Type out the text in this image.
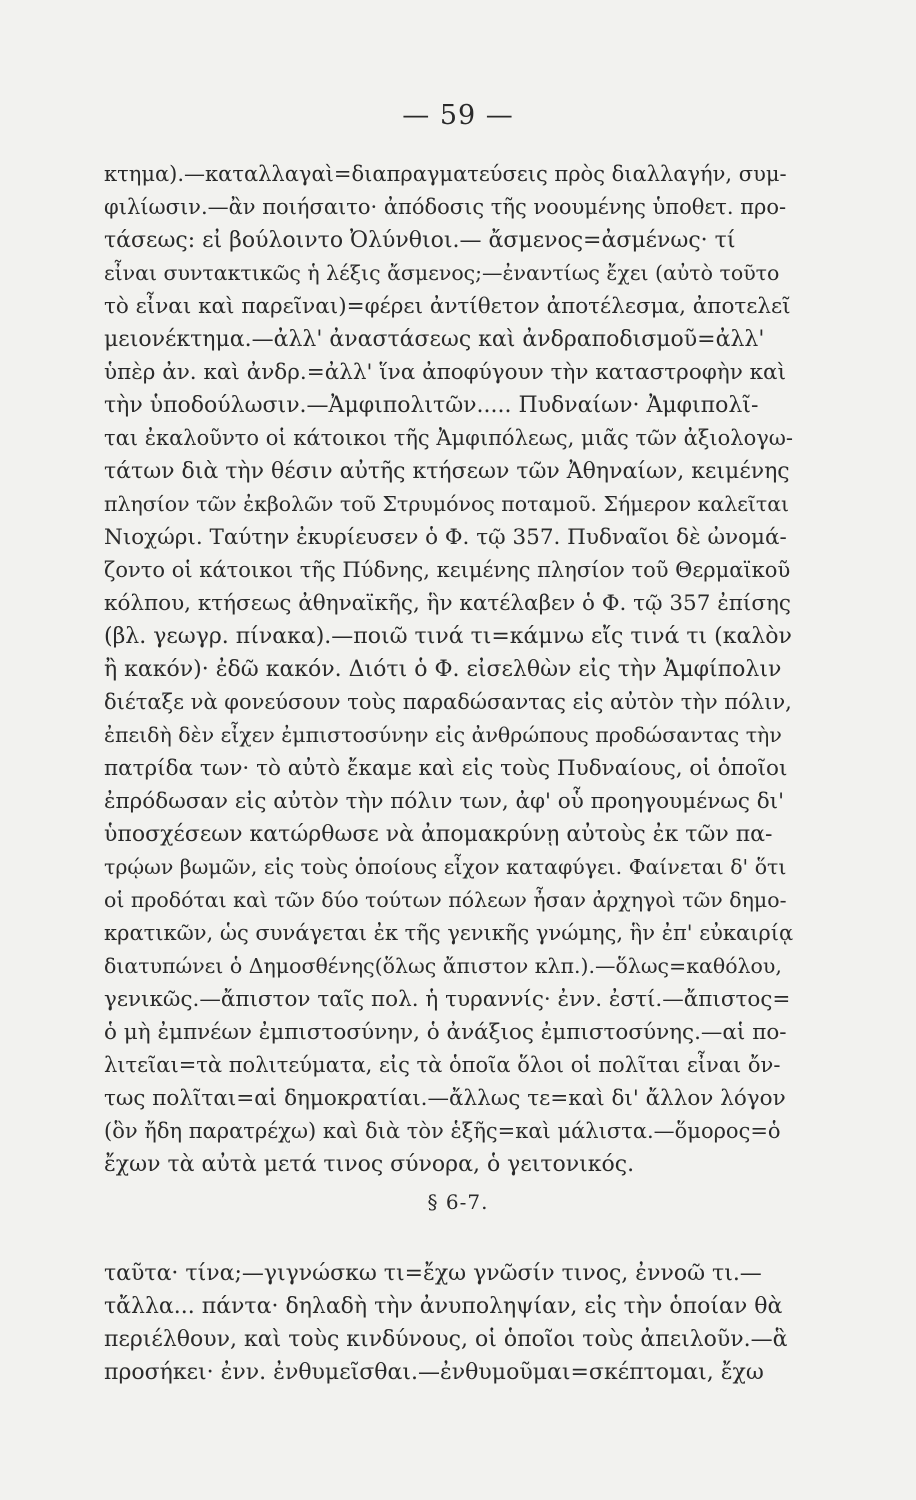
— 59 —
κτημα).—καταλλαγαὶ=διαπραγματεύσεις πρὸς διαλλαγήν, συμ-
φιλίωσιν.—ἂν ποιήσαιτο· ἀπόδοσις τῆς νοουμένης ὑποθετ. προ-
τάσεως: εἰ βούλοιντο Ὀλύνθιοι.— ἄσμενος=ἀσμένως· τί
εἶναι συντακτικῶς ἡ λέξις ἄσμενος;—ἐναντίως ἔχει (αὐτὸ τοῦτο
τὸ εἶναι καὶ παρεῖναι)=φέρει ἀντίθετον ἀποτέλεσμα, ἀποτελεῖ
μειονέκτημα.—ἀλλ' ἀναστάσεως καὶ ἀνδραποδισμοῦ=ἀλλ'
ὑπὲρ ἀν. καὶ ἀνδρ.=ἀλλ' ἵνα ἀποφύγουν τὴν καταστροφὴν καὶ
τὴν ὑποδούλωσιν.—Ἀμφιπολιτῶν..... Πυδναίων· Ἀμφιπολῖ-
ται ἐκαλοῦντο οἱ κάτοικοι τῆς Ἀμφιπόλεως, μιᾶς τῶν ἀξιολογω-
τάτων διὰ τὴν θέσιν αὐτῆς κτήσεων τῶν Ἀθηναίων, κειμένης
πλησίον τῶν ἐκβολῶν τοῦ Στρυμόνος ποταμοῦ. Σήμερον καλεῖται
Νιοχώρι. Ταύτην ἐκυρίευσεν ὁ Φ. τῷ 357. Πυδναῖοι δὲ ὠνομά-
ζοντο οἱ κάτοικοι τῆς Πύδνης, κειμένης πλησίον τοῦ Θερμαϊκοῦ
κόλπου, κτήσεως ἀθηναϊκῆς, ἣν κατέλαβεν ὁ Φ. τῷ 357 ἐπίσης
(βλ. γεωγρ. πίνακα).—ποιῶ τινά τι=κάμνω εἴς τινά τι (καλὸν
ἢ κακόν)· ἐδῶ κακόν. Διότι ὁ Φ. εἰσελθὼν εἰς τὴν Ἀμφίπολιν
διέταξε νὰ φονεύσουν τοὺς παραδώσαντας εἰς αὐτὸν τὴν πόλιν,
ἐπειδὴ δὲν εἶχεν ἐμπιστοσύνην εἰς ἀνθρώπους προδώσαντας τὴν
πατρίδα των· τὸ αὐτὸ ἔκαμε καὶ εἰς τοὺς Πυδναίους, οἱ ὁποῖοι
ἐπρόδωσαν εἰς αὐτὸν τὴν πόλιν των, ἀφ' οὗ προηγουμένως δι'
ὑποσχέσεων κατώρθωσε νὰ ἀπομακρύνῃ αὐτοὺς ἐκ τῶν πα-
τρῴων βωμῶν, εἰς τοὺς ὁποίους εἶχον καταφύγει. Φαίνεται δ' ὅτι
οἱ προδόται καὶ τῶν δύο τούτων πόλεων ἦσαν ἀρχηγοὶ τῶν δημο-
κρατικῶν, ὡς συνάγεται ἐκ τῆς γενικῆς γνώμης, ἣν ἐπ' εὐκαιρίᾳ
διατυπώνει ὁ Δημοσθένης(ὅλως ἄπιστον κλπ.).—ὅλως=καθόλου,
γενικῶς.—ἄπιστον ταῖς πολ. ἡ τυραννίς· ἐνν. ἐστί.—ἄπιστος=
ὁ μὴ ἐμπνέων ἐμπιστοσύνην, ὁ ἀνάξιος ἐμπιστοσύνης.—αἱ πο-
λιτεῖαι=τὰ πολιτεύματα, εἰς τὰ ὁποῖα ὅλοι οἱ πολῖται εἶναι ὄν-
τως πολῖται=αἱ δημοκρατίαι.—ἄλλως τε=καὶ δι' ἄλλον λόγον
(ὃν ἤδη παρατρέχω) καὶ διὰ τὸν ἑξῆς=καὶ μάλιστα.—ὅμορος=ὁ
ἔχων τὰ αὐτὰ μετά τινος σύνορα, ὁ γειτονικός.
§ 6-7.
ταῦτα· τίνα;—γιγνώσκω τι=ἔχω γνῶσίν τινος, ἐννοῶ τι.—
τἄλλα... πάντα· δηλαδὴ τὴν ἀνυποληψίαν, εἰς τὴν ὁποίαν θὰ
περιέλθουν, καὶ τοὺς κινδύνους, οἱ ὁποῖοι τοὺς ἀπειλοῦν.—ἃ
προσήκει· ἐνν. ἐνθυμεῖσθαι.—ἐνθυμοῦμαι=σκέπτομαι, ἔχω
